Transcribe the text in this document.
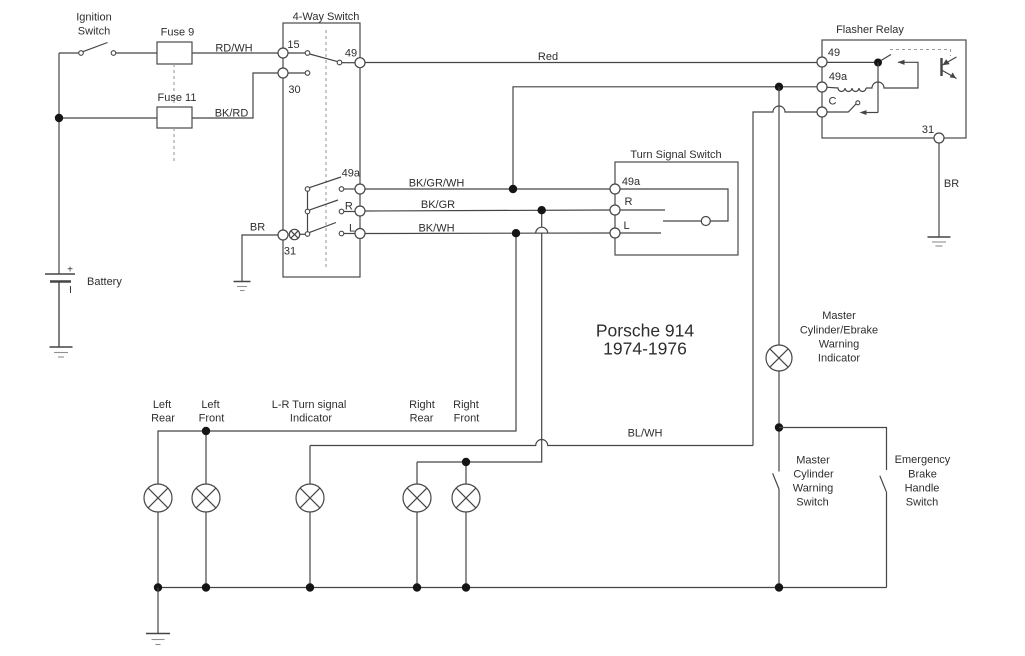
Ignition
Switch	Fuse 9
Fuse 11
Battery
+
I
4-Way Switch
15
30
49
49a
R
L
31
RD/WH
BK/RD
BR
Red
BK/GR/WH
BK/GR
BK/WH
BL/WH
Turn Signal Switch
49a
R
L
Flasher Relay
49
49a
C
31
BR
Porsche 914
1974-1976
Left
Rear
Left
Front
L-R Turn signal
Indicator
Right
Rear
Right
Front
Master
Cylinder/Ebrake
Warning
Indicator
Master
Cylinder
Warning
Switch
Emergency
Brake
Handle
Switch
